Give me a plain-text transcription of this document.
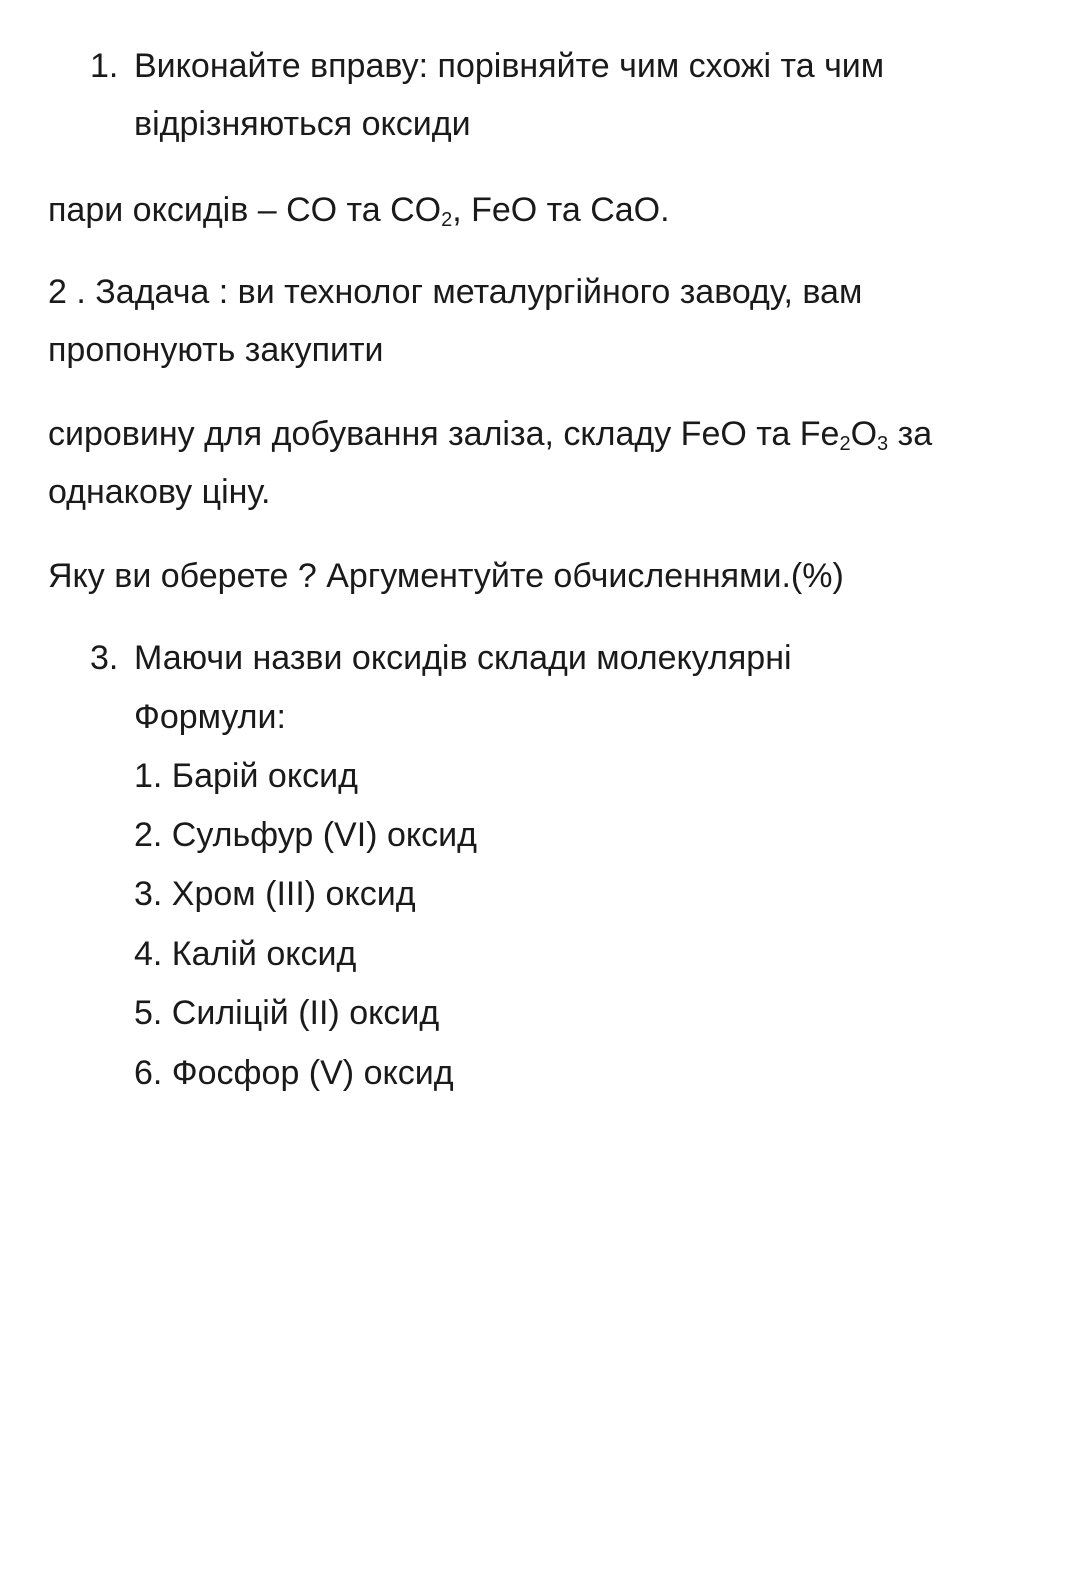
1. Виконайте вправу: порівняйте чим схожі та чим
відрізняються оксиди
пари оксидів – CO та $CO_2$, FeO та CaO.
2 . Задача : ви технолог металургійного заводу, вам
пропонують закупити
сировину для добування заліза, складу FeO та $Fe_2O_3$ за
однакову ціну.
Яку ви оберете ? Аргументуйте обчисленнями.(%)
3. Маючи назви оксидів склади молекулярні
Формули:
1. Барій оксид
2. Сульфур (VI) оксид
3. Хром (III) оксид
4. Калій оксид
5. Силіцій (II) оксид
6. Фосфор (V) оксид
